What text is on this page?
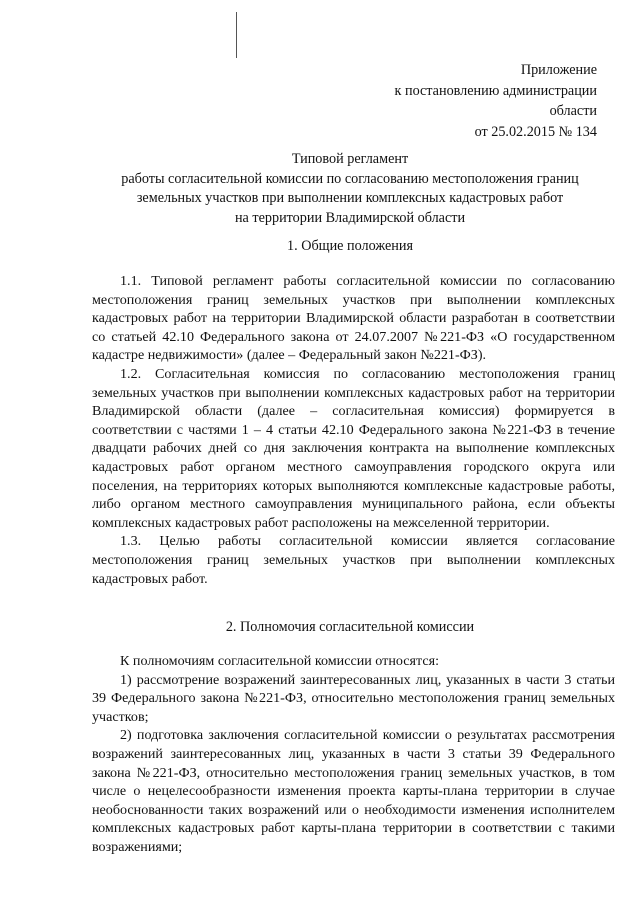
Приложение
к постановлению администрации
области
от 25.02.2015 № 134
Типовой регламент
работы согласительной комиссии по согласованию местоположения границ
земельных участков при выполнении комплексных кадастровых работ
на территории Владимирской области
1. Общие положения

1.1. Типовой регламент работы согласительной комиссии по согласованию местоположения границ земельных участков при выполнении комплексных кадастровых работ на территории Владимирской области разработан в соответствии со статьей 42.10 Федерального закона от 24.07.2007 №221-ФЗ «О государственном кадастре недвижимости» (далее – Федеральный закон №221-ФЗ).

1.2. Согласительная комиссия по согласованию местоположения границ земельных участков при выполнении комплексных кадастровых работ на территории Владимирской области (далее – согласительная комиссия) формируется в соответствии с частями 1 – 4 статьи 42.10 Федерального закона №221-ФЗ в течение двадцати рабочих дней со дня заключения контракта на выполнение комплексных кадастровых работ органом местного самоуправления городского округа или поселения, на территориях которых выполняются комплексные кадастровые работы, либо органом местного самоуправления муниципального района, если объекты комплексных кадастровых работ расположены на межселенной территории.

1.3. Целью работы согласительной комиссии является согласование местоположения границ земельных участков при выполнении комплексных кадастровых работ.

2. Полномочия согласительной комиссии

К полномочиям согласительной комиссии относятся:

1) рассмотрение возражений заинтересованных лиц, указанных в части 3 статьи 39 Федерального закона №221-ФЗ, относительно местоположения границ земельных участков;

2) подготовка заключения согласительной комиссии о результатах рассмотрения возражений заинтересованных лиц, указанных в части 3 статьи 39 Федерального закона №221-ФЗ, относительно местоположения границ земельных участков, в том числе о нецелесообразности изменения проекта карты-плана территории в случае необоснованности таких возражений или о необходимости изменения исполнителем комплексных кадастровых работ карты-плана территории в соответствии с такими возражениями;
